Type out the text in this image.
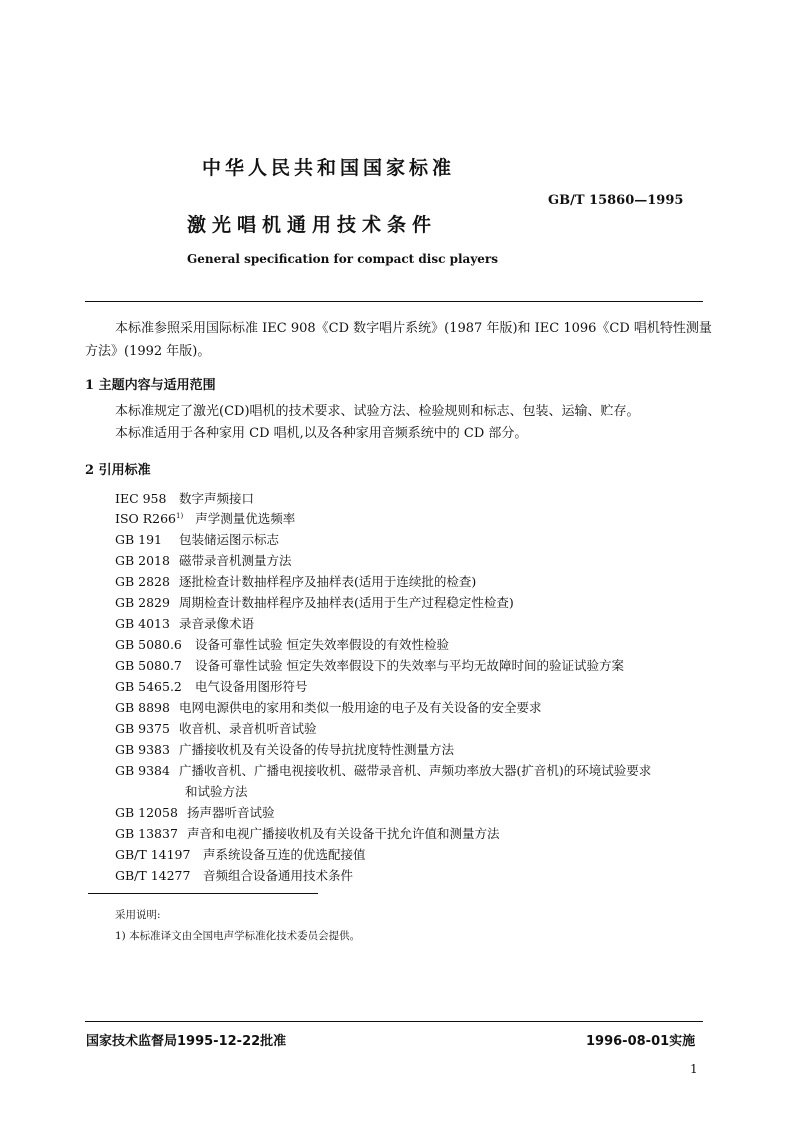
中华人民共和国国家标准
GB/T 15860—1995
激光唱机通用技术条件
General specification for compact disc players
本标准参照采用国际标准 IEC 908《CD 数字唱片系统》(1987 年版)和 IEC 1096《CD 唱机特性测量
方法》(1992 年版)。
1 主题内容与适用范围
本标准规定了激光(CD)唱机的技术要求、试验方法、检验规则和标志、包装、运输、贮存。
本标准适用于各种家用 CD 唱机,以及各种家用音频系统中的 CD 部分。
2 引用标准
IEC 958 数字声频接口
ISO R266$^{1)}$ 声学测量优选频率
GB 191 包装储运图示标志
GB 2018 磁带录音机测量方法
GB 2828 逐批检查计数抽样程序及抽样表(适用于连续批的检查)
GB 2829 周期检查计数抽样程序及抽样表(适用于生产过程稳定性检查)
GB 4013 录音录像术语
GB 5080.6 设备可靠性试验 恒定失效率假设的有效性检验
GB 5080.7 设备可靠性试验 恒定失效率假设下的失效率与平均无故障时间的验证试验方案
GB 5465.2 电气设备用图形符号
GB 8898 电网电源供电的家用和类似一般用途的电子及有关设备的安全要求
GB 9375 收音机、录音机听音试验
GB 9383 广播接收机及有关设备的传导抗扰度特性测量方法
GB 9384 广播收音机、广播电视接收机、磁带录音机、声频功率放大器(扩音机)的环境试验要求
和试验方法
GB 12058 扬声器听音试验
GB 13837 声音和电视广播接收机及有关设备干扰允许值和测量方法
GB/T 14197 声系统设备互连的优选配接值
GB/T 14277 音频组合设备通用技术条件
采用说明:
1) 本标准译文由全国电声学标准化技术委员会提供。
国家技术监督局1995-12-22批准	1996-08-01实施
1
